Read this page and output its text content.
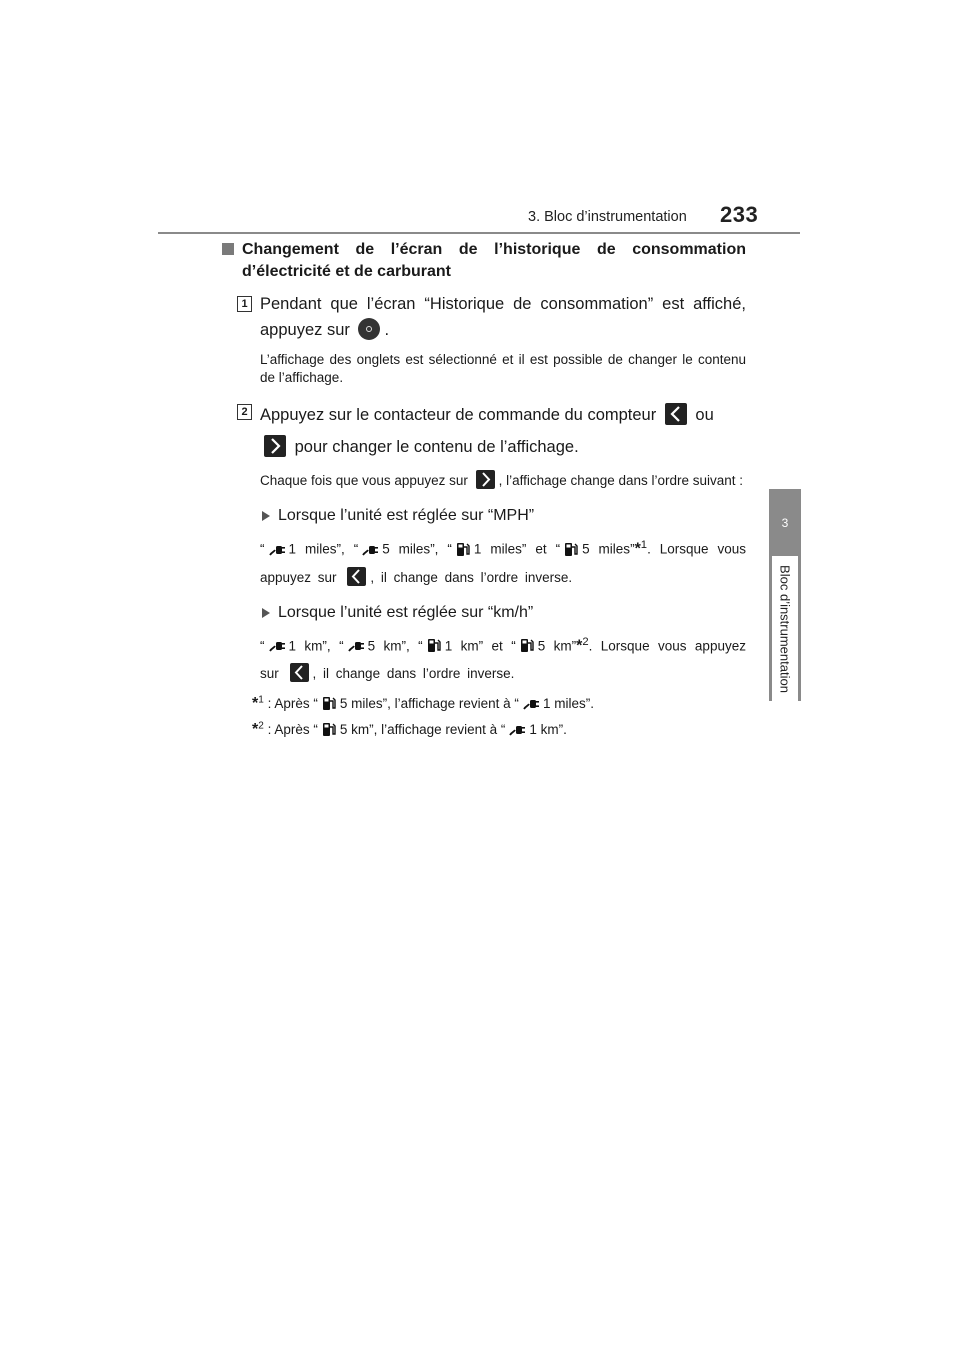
3. Bloc d’instrumentation 233
3
Bloc d’instrumentation
Changement de l’écran de l’historique de consommation d’électricité et de carburant
1 Pendant que l’écran “Historique de consommation” est affiché, appuyez sur .
L’affichage des onglets est sélectionné et il est possible de changer le contenu de l’affichage.
2 Appuyez sur le contacteur de commande du compteur ou

pour changer le contenu de l’affichage.
Chaque fois que vous appuyez sur , l’affichage change dans l’ordre suivant :
Lorsque l’unité est réglée sur “MPH”
“ 1 miles”, “ 5 miles”, “ 1 miles” et “ 5 miles”*$^1$. Lorsque vous appuyez sur	, il change dans l’ordre inverse.
Lorsque l’unité est réglée sur “km/h”
“ 1 km”, “ 5 km”, “ 1 km” et “ 5 km”*$^2$. Lorsque vous appuyez sur	, il change dans l’ordre inverse.
*$^1$ : Après “ 5 miles”, l’affichage revient à “ 1 miles”.
*$^2$ : Après “ 5 km”, l’affichage revient à “ 1 km”.
